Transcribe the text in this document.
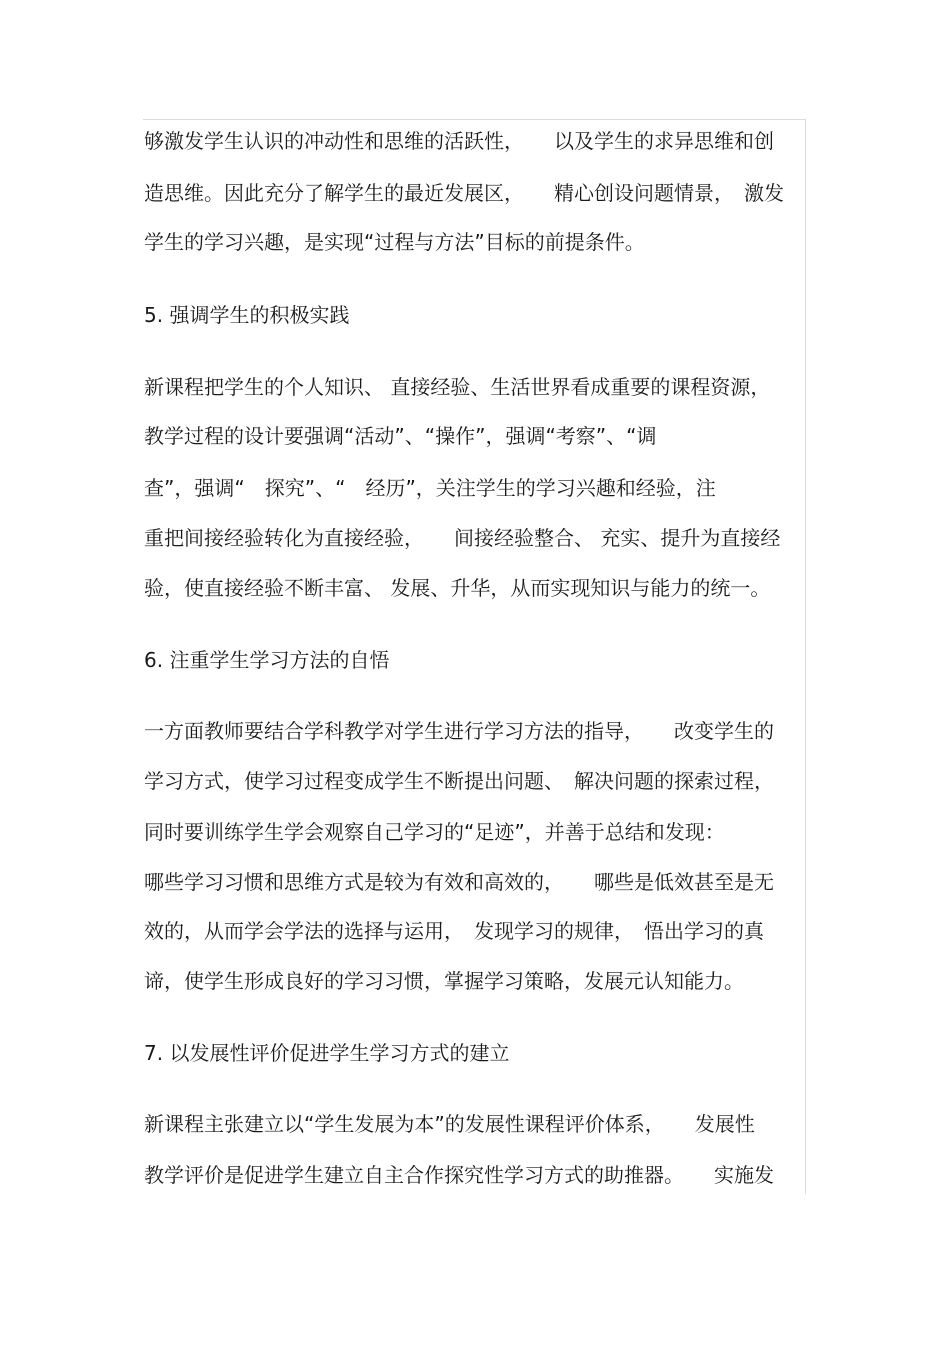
够激发学生认识的冲动性和思维的活跃性，　　以及学生的求异思维和创
造思维。因此充分了解学生的最近发展区，　　精心创设问题情景，　激发
学生的学习兴趣，是实现“过程与方法”目标的前提条件。
5. 强调学生的积极实践
新课程把学生的个人知识、 直接经验、生活世界看成重要的课程资源，
教学过程的设计要强调“活动”、“操作”，强调“考察”、“调
查”，强调“　探究”、“　经历”，关注学生的学习兴趣和经验，注
重把间接经验转化为直接经验，　　间接经验整合、 充实、提升为直接经
验，使直接经验不断丰富、 发展、升华，从而实现知识与能力的统一。
6. 注重学生学习方法的自悟
一方面教师要结合学科教学对学生进行学习方法的指导，　　改变学生的
学习方式，使学习过程变成学生不断提出问题、　解决问题的探索过程，
同时要训练学生学会观察自己学习的“足迹”，并善于总结和发现：
哪些学习习惯和思维方式是较为有效和高效的，　　哪些是低效甚至是无
效的，从而学会学法的选择与运用，　发现学习的规律，　悟出学习的真
谛，使学生形成良好的学习习惯，掌握学习策略，发展元认知能力。
7. 以发展性评价促进学生学习方式的建立
新课程主张建立以“学生发展为本”的发展性课程评价体系，　　发展性
教学评价是促进学生建立自主合作探究性学习方式的助推器。　　实施发
